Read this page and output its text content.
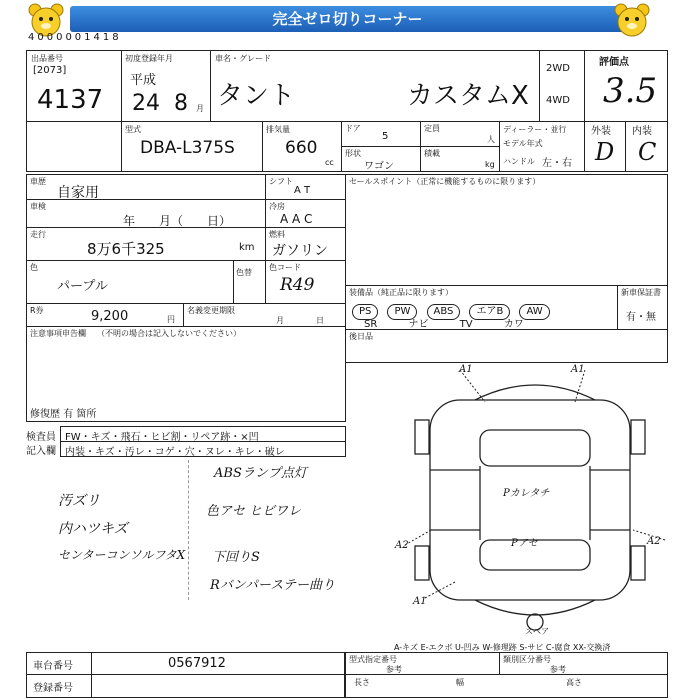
完全ゼロ切りコーナー
4000001418
出品番号
[2073]
4137
初度登録年月
平成
24 8 月
車名・グレード
タント	カスタムX
2WD
4WD
評価点
3.5
型式
DBA-L375S
排気量
660
cc
ドア
5
定員
人
形状
ワゴン
積載
kg
ディーラー・並行
モデル年式
ハンドル 左・右
外装
D
内装
C
車歴
自家用
シフト
A T
車検
年　　月（　　日）
冷房
A A C
走行
8万6千325	km
燃料
ガソリン
色
パープル
色替
色コード
R49
R券	9,200	円
名義変更期限
月	日
注意事項申告欄 （不明の場合は記入しないでください）
修復歴 有 箇所
セールスポイント（正常に機能するものに限ります）
装備品（純正品に限ります）
PS PW ABS エアB AW
SR	ナビ	TV	カワ
新車保証書
有・無
後日品
検査員
記入欄
FW・キズ・飛石・ヒビ割・リペア跡・×凹
内装・キズ・汚レ・コゲ・穴・ヌレ・キレ・破レ
汚ズリ
内ハツキズ
センターコンソルフタX
ABSランプ点灯
色アセ ヒビワレ
下回りS
Rバンパーステー曲り
A1	A1
Pカレタチ
A2	Pアセ	A2
A1
スペア
A-キズ E-エクボ U-凹み W-修理跡 S-サビ C-腐食 XX-交換済
車台番号	0567912
登録番号
型式指定番号
参考
類別区分番号
参考
長さ	幅	高さ
